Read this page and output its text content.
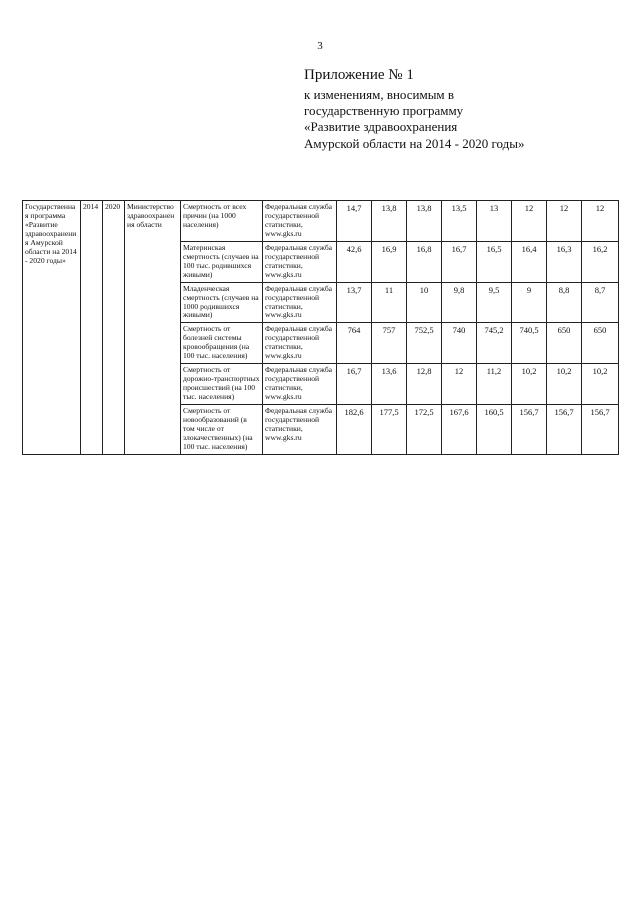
3
Приложение № 1
к изменениям, вносимым в
государственную программу
«Развитие здравоохранения
Амурской области на 2014 - 2020 годы»
Государственная программа «Развитие здравоохранения Амурской области на 2014 - 2020 годы»	2014	2020	Министерство здравоохранения области	Смертность от всех причин (на 1000 населения)	Федеральная служба государственной статистики, www.gks.ru	14,7	13,8	13,8	13,5	13	12	12	12
				Материнская смертность (случаев на 100 тыс. родившихся живыми)	Федеральная служба государственной статистики, www.gks.ru	42,6	16,9	16,8	16,7	16,5	16,4	16,3	16,2
				Младенческая смертность (случаев на 1000 родившихся живыми)	Федеральная служба государственной статистики, www.gks.ru	13,7	11	10	9,8	9,5	9	8,8	8,7
				Смертность от болезней системы кровообращения (на 100 тыс. населения)	Федеральная служба государственной статистики, www.gks.ru	764	757	752,5	740	745,2	740,5	650	650
				Смертность от дорожно-транспортных происшествий (на 100 тыс. населения)	Федеральная служба государственной статистики, www.gks.ru	16,7	13,6	12,8	12	11,2	10,2	10,2	10,2
				Смертность от новообразований (в том числе от злокачественных) (на 100 тыс. населения)	Федеральная служба государственной статистики, www.gks.ru	182,6	177,5	172,5	167,6	160,5	156,7	156,7	156,7
